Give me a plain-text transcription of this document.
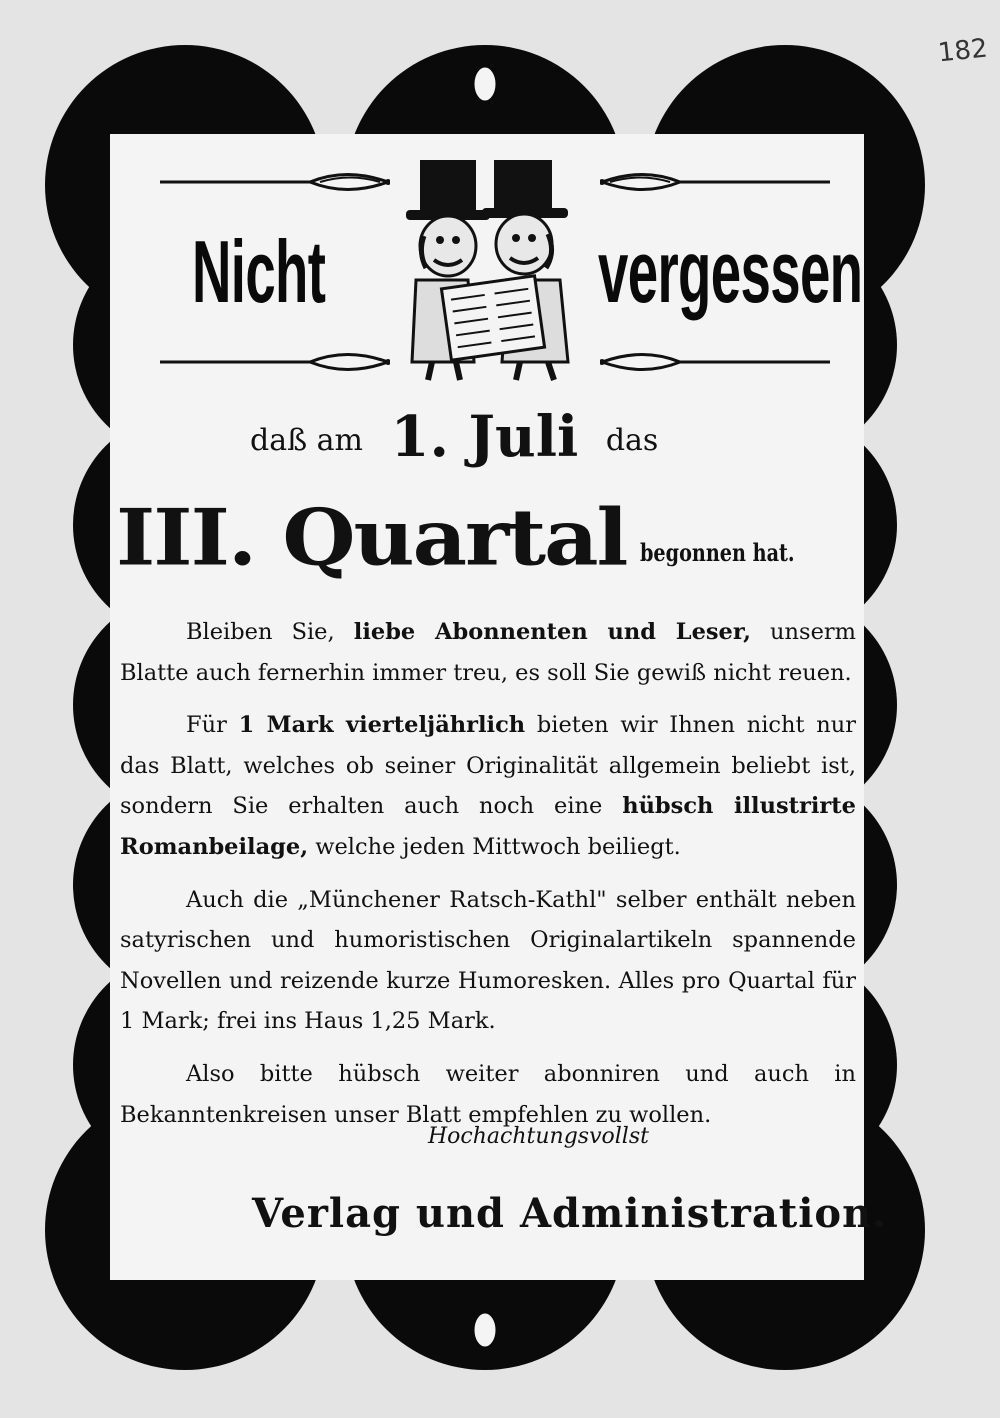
182
Nicht	vergessen
daß am 1. Juli das
III. Quartal begonnen hat.

Bleiben Sie, liebe Abonnenten und Leser, unserm Blatte auch fernerhin immer treu, es soll Sie gewiß nicht reuen.

Für 1 Mark vierteljährlich bieten wir Ihnen nicht nur das Blatt, welches ob seiner Originalität allgemein beliebt ist, sondern Sie erhalten auch noch eine hübsch illustrirte Romanbeilage, welche jeden Mittwoch beiliegt.

Auch die „Münchener Ratsch-Kathl" selber enthält neben satyrischen und humoristischen Originalartikeln spannende Novellen und reizende kurze Humoresken. Alles pro Quartal für 1 Mark; frei ins Haus 1,25 Mark.

Also bitte hübsch weiter abonniren und auch in Bekanntenkreisen unser Blatt empfehlen zu wollen.

Hochachtungsvollst
Verlag und Administration.
